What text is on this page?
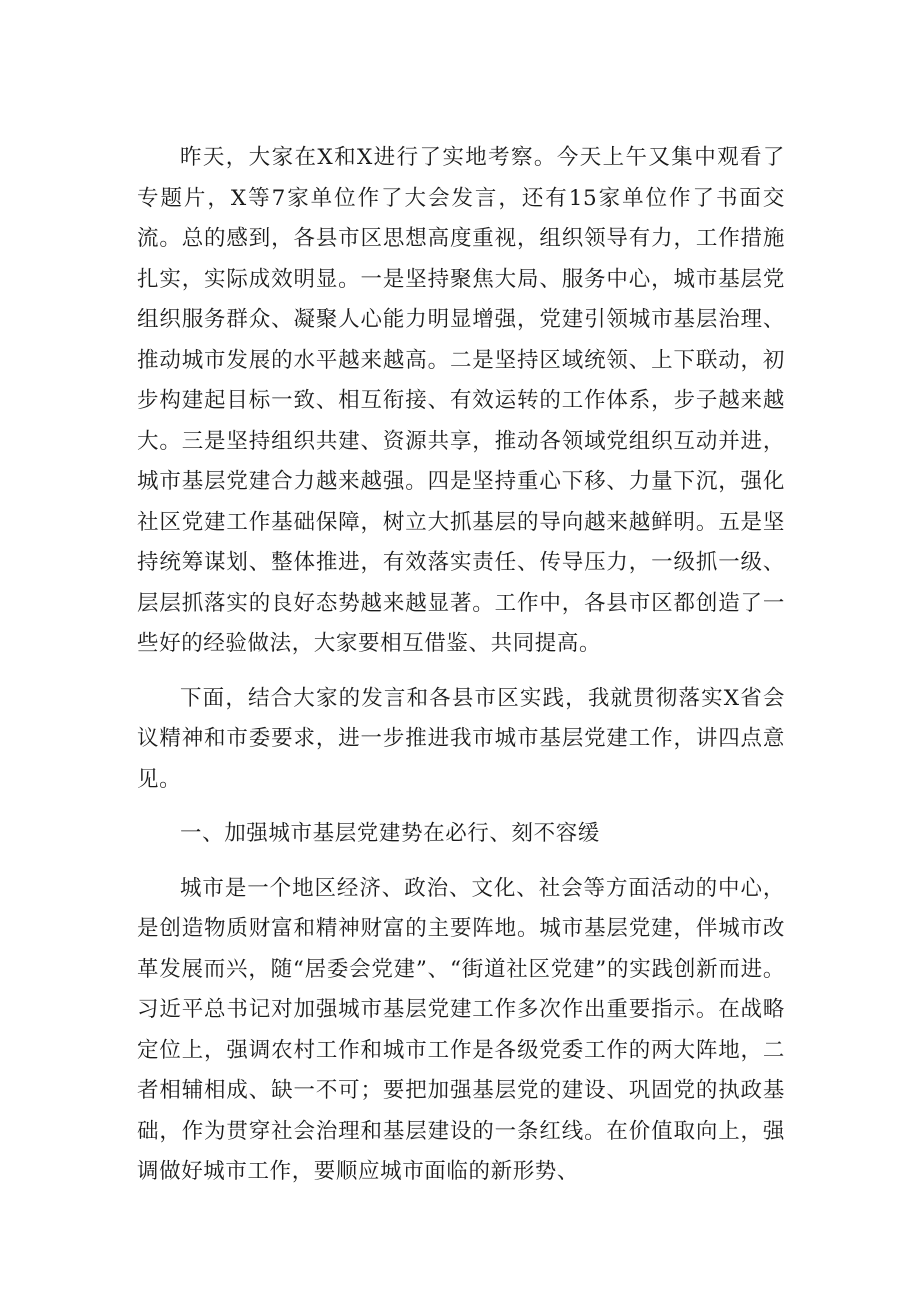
昨天，大家在X和X进行了实地考察。今天上午又集中观看了专题片，X等7家单位作了大会发言，还有15家单位作了书面交流。总的感到，各县市区思想高度重视，组织领导有力，工作措施扎实，实际成效明显。一是坚持聚焦大局、服务中心，城市基层党组织服务群众、凝聚人心能力明显增强，党建引领城市基层治理、推动城市发展的水平越来越高。二是坚持区域统领、上下联动，初步构建起目标一致、相互衔接、有效运转的工作体系，步子越来越大。三是坚持组织共建、资源共享，推动各领域党组织互动并进，城市基层党建合力越来越强。四是坚持重心下移、力量下沉，强化社区党建工作基础保障，树立大抓基层的导向越来越鲜明。五是坚持统筹谋划、整体推进，有效落实责任、传导压力，一级抓一级、层层抓落实的良好态势越来越显著。工作中，各县市区都创造了一些好的经验做法，大家要相互借鉴、共同提高。

下面，结合大家的发言和各县市区实践，我就贯彻落实X省会议精神和市委要求，进一步推进我市城市基层党建工作，讲四点意见。

一、加强城市基层党建势在必行、刻不容缓

城市是一个地区经济、政治、文化、社会等方面活动的中心，是创造物质财富和精神财富的主要阵地。城市基层党建，伴城市改革发展而兴，随“居委会党建”、“街道社区党建”的实践创新而进。习近平总书记对加强城市基层党建工作多次作出重要指示。在战略定位上，强调农村工作和城市工作是各级党委工作的两大阵地，二者相辅相成、缺一不可；要把加强基层党的建设、巩固党的执政基础，作为贯穿社会治理和基层建设的一条红线。在价值取向上，强调做好城市工作，要顺应城市面临的新形势、
